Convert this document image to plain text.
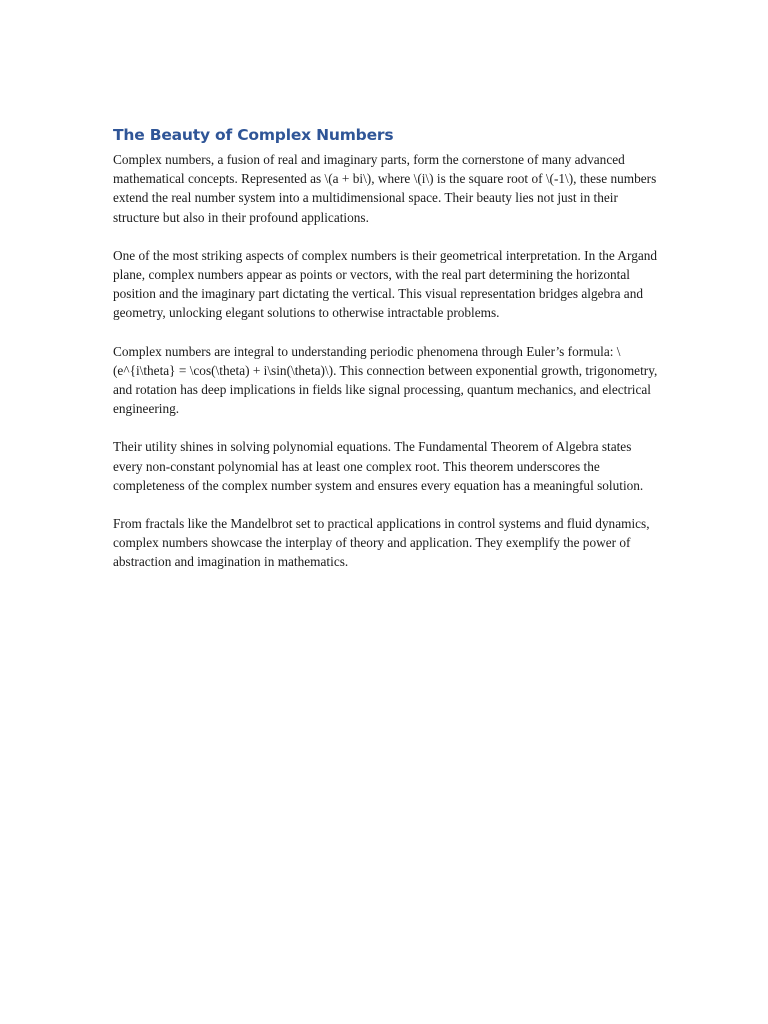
The Beauty of Complex Numbers

Complex numbers, a fusion of real and imaginary parts, form the cornerstone of many advanced mathematical concepts. Represented as \(a + bi\), where \(i\) is the square root of \(-1\), these numbers extend the real number system into a multidimensional space. Their beauty lies not just in their structure but also in their profound applications.

One of the most striking aspects of complex numbers is their geometrical interpretation. In the Argand plane, complex numbers appear as points or vectors, with the real part determining the horizontal position and the imaginary part dictating the vertical. This visual representation bridges algebra and geometry, unlocking elegant solutions to otherwise intractable problems.

Complex numbers are integral to understanding periodic phenomena through Euler’s formula: \(e^{i\theta} = \cos(\theta) + i\sin(\theta)\). This connection between exponential growth, trigonometry, and rotation has deep implications in fields like signal processing, quantum mechanics, and electrical engineering.

Their utility shines in solving polynomial equations. The Fundamental Theorem of Algebra states every non-constant polynomial has at least one complex root. This theorem underscores the completeness of the complex number system and ensures every equation has a meaningful solution.

From fractals like the Mandelbrot set to practical applications in control systems and fluid dynamics, complex numbers showcase the interplay of theory and application. They exemplify the power of abstraction and imagination in mathematics.
